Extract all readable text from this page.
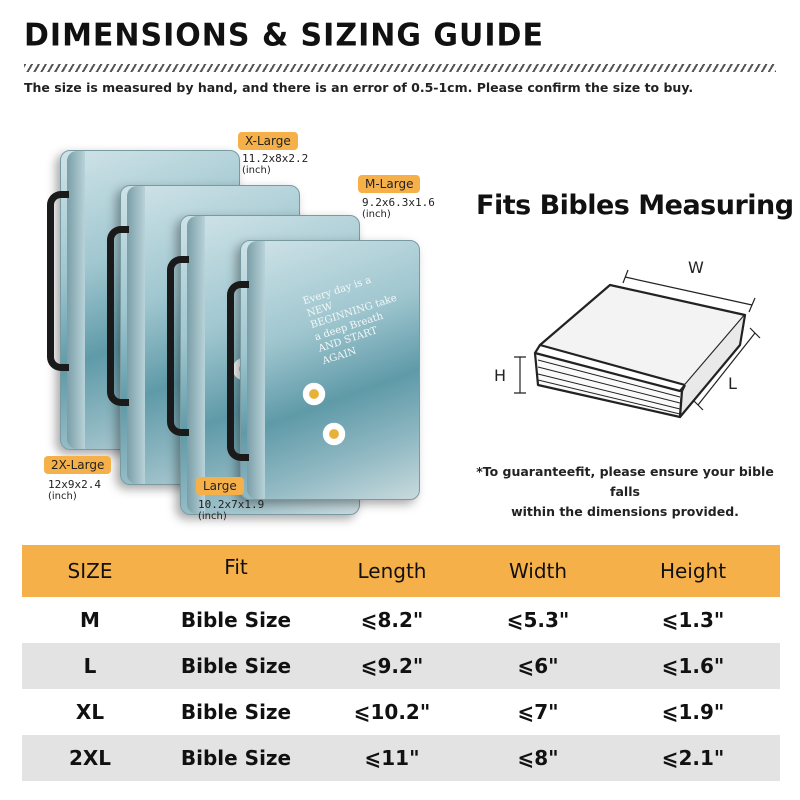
DIMENSIONS & SIZING GUIDE
The size is measured by hand, and there is an error of 0.5-1cm. Please confirm the size to buy.
Every day is a NEW BEGINNING take a deep Breath AND START AGAIN
X-Large
11.2x8x2.2
(inch)
M-Large
9.2x6.3x1.6
(inch)
2X-Large
12x9x2.4
(inch)
Large
10.2x7x1.9
(inch)
Fits Bibles Measuring
W
L
H
*To guaranteefit, please ensure your bible falls
within the dimensions provided.
SIZE	Fit	Length	Width	Height
M	Bible Size	⩽8.2"	⩽5.3"	⩽1.3"
L	Bible Size	⩽9.2"	⩽6"	⩽1.6"
XL	Bible Size	⩽10.2"	⩽7"	⩽1.9"
2XL	Bible Size	⩽11"	⩽8"	⩽2.1"
